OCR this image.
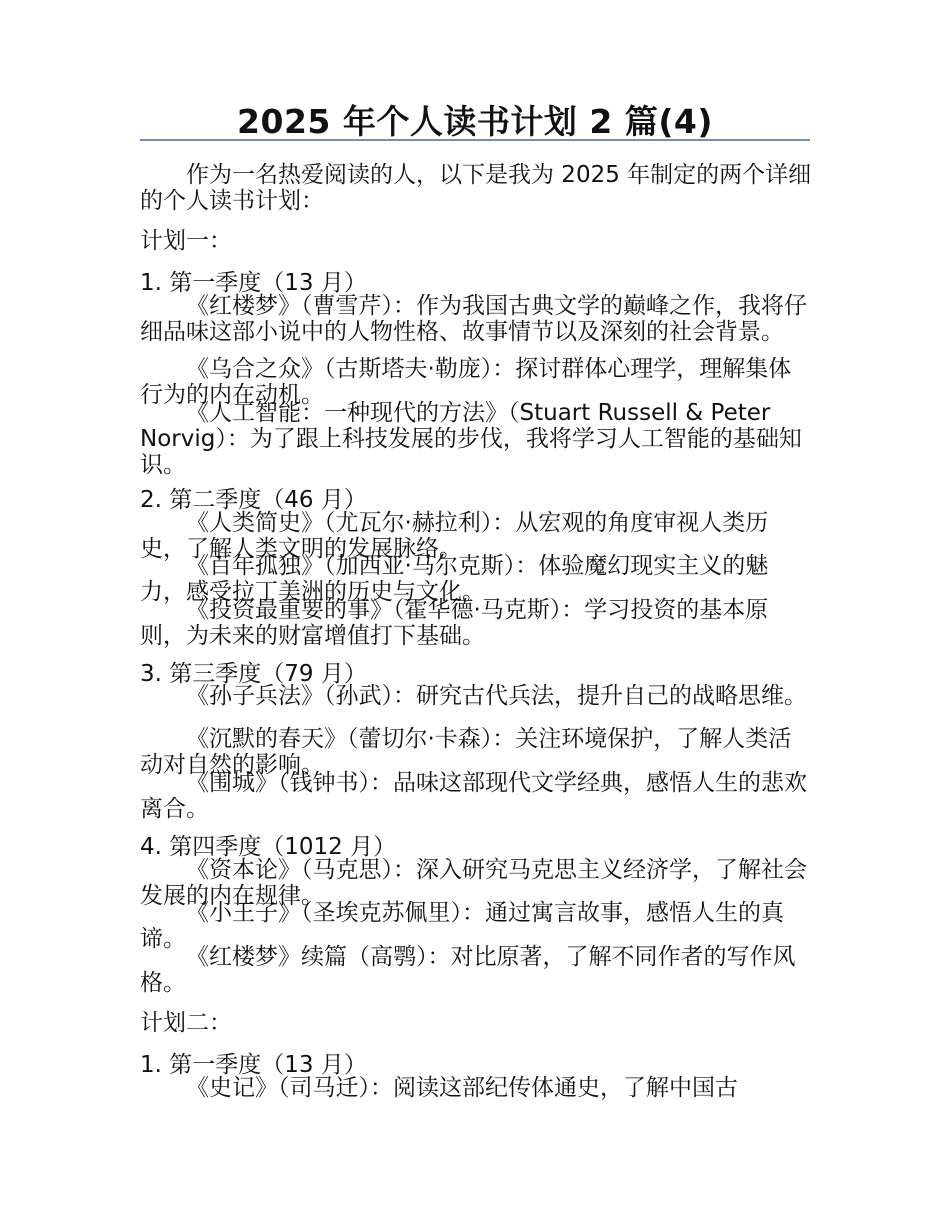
2025 年个人读书计划 2 篇(4)
作为一名热爱阅读的人，以下是我为 2025 年制定的两个详细的个人读书计划：
计划一：
1. 第一季度（13 月）
《红楼梦》（曹雪芹）：作为我国古典文学的巅峰之作，我将仔细品味这部小说中的人物性格、故事情节以及深刻的社会背景。
《乌合之众》（古斯塔夫·勒庞）：探讨群体心理学，理解集体行为的内在动机。
《人工智能：一种现代的方法》（Stuart Russell & Peter Norvig）：为了跟上科技发展的步伐，我将学习人工智能的基础知识。
2. 第二季度（46 月）
《人类简史》（尤瓦尔·赫拉利）：从宏观的角度审视人类历史，了解人类文明的发展脉络。
《百年孤独》（加西亚·马尔克斯）：体验魔幻现实主义的魅力，感受拉丁美洲的历史与文化。
《投资最重要的事》（霍华德·马克斯）：学习投资的基本原则，为未来的财富增值打下基础。
3. 第三季度（79 月）
《孙子兵法》（孙武）：研究古代兵法，提升自己的战略思维。
《沉默的春天》（蕾切尔·卡森）：关注环境保护，了解人类活动对自然的影响。
《围城》（钱钟书）：品味这部现代文学经典，感悟人生的悲欢离合。
4. 第四季度（1012 月）
《资本论》（马克思）：深入研究马克思主义经济学，了解社会发展的内在规律。
《小王子》（圣埃克苏佩里）：通过寓言故事，感悟人生的真谛。
《红楼梦》续篇（高鹗）：对比原著，了解不同作者的写作风格。
计划二：
1. 第一季度（13 月）
《史记》（司马迁）：阅读这部纪传体通史，了解中国古
